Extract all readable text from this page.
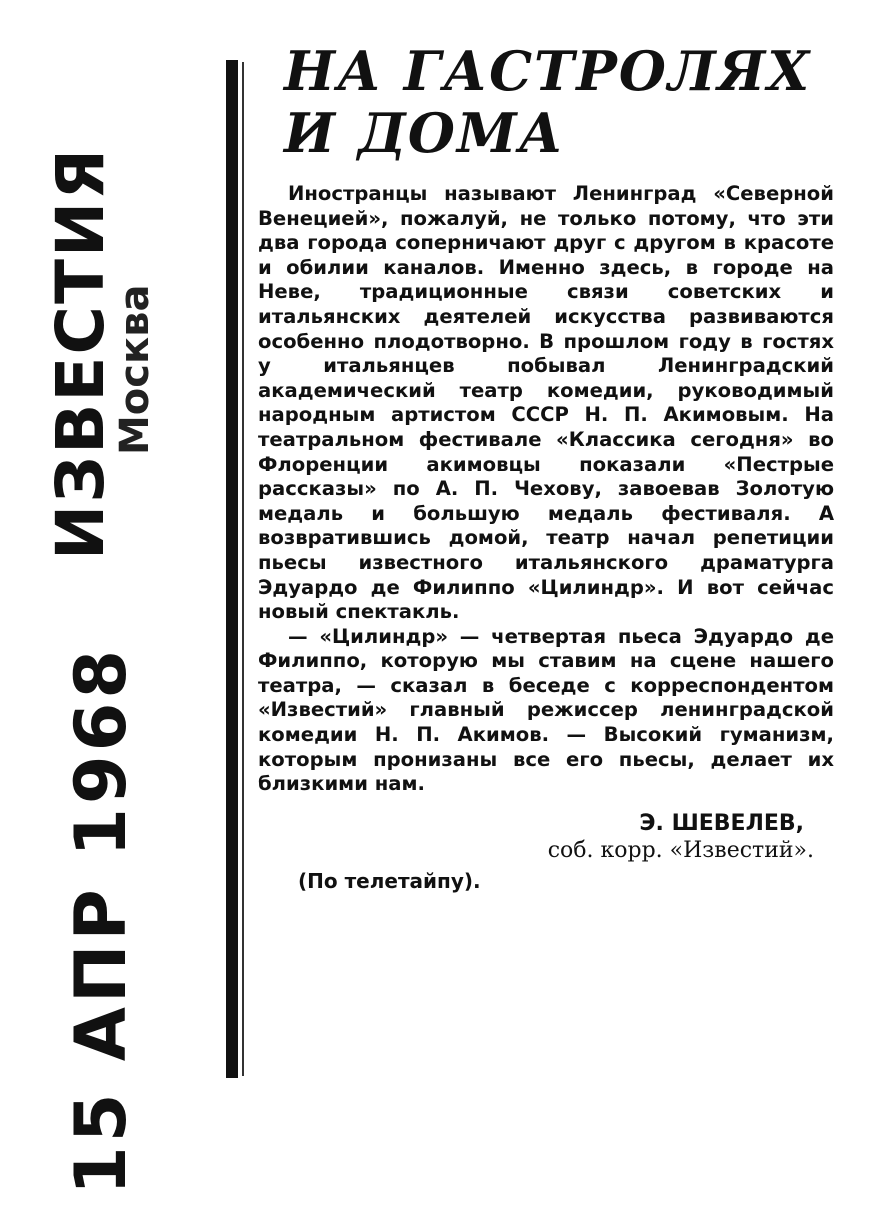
ИЗВЕСТИЯ
Москва
15 АПР 1968
НА ГАСТРОЛЯХ
И ДОМА

Иностранцы называют Ленинград «Северной Венецией», пожалуй, не только потому, что эти два города соперничают друг с другом в красоте и обилии каналов. Именно здесь, в городе на Неве, традиционные связи советских и итальянских деятелей искусства развиваются особенно плодотворно. В прошлом году в гостях у итальянцев побывал Ленинградский академический театр комедии, руководимый народным артистом СССР Н. П. Акимовым. На театральном фестивале «Классика сегодня» во Флоренции акимовцы показали «Пестрые рассказы» по А. П. Чехову, завоевав Золотую медаль и большую медаль фестиваля. А возвратившись домой, театр начал репетиции пьесы известного итальянского драматурга Эдуардо де Филиппо «Цилиндр». И вот сейчас новый спектакль.

— «Цилиндр» — четвертая пьеса Эдуардо де Филиппо, которую мы ставим на сцене нашего театра, — сказал в беседе с корреспондентом «Известий» главный режиссер ленинградской комедии Н. П. Акимов. — Высокий гуманизм, которым пронизаны все его пьесы, делает их близкими нам.

Э. ШЕВЕЛЕВ,
соб. корр. «Известий».
(По телетайпу).
